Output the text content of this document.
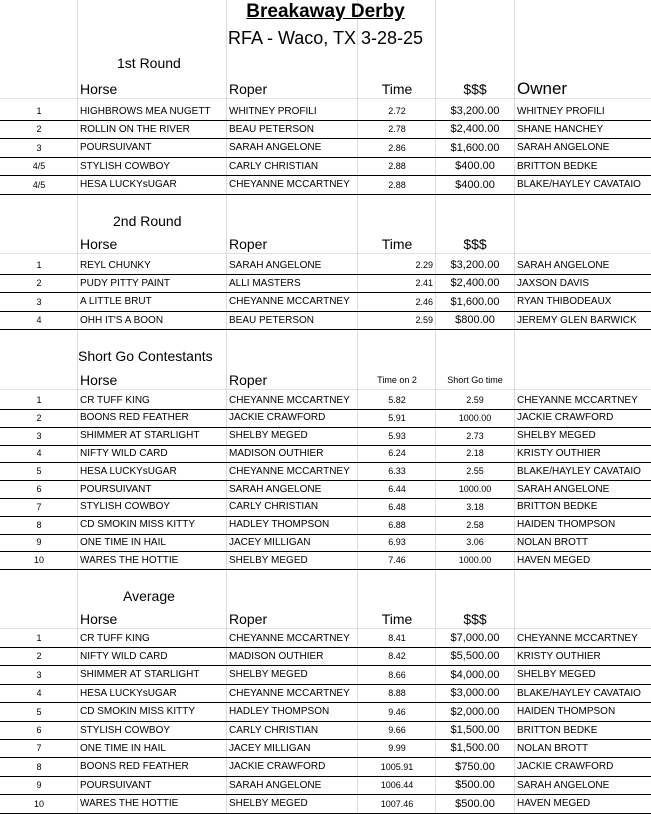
Breakaway Derby
RFA - Waco, TX 3-28-25
1st Round
Horse	Roper	Time	$$$	Owner
1	HIGHBROWS MEA NUGETT	WHITNEY PROFILI	2.72	$3,200.00	WHITNEY PROFILI
2	ROLLIN ON THE RIVER	BEAU PETERSON	2.78	$2,400.00	SHANE HANCHEY
3	POURSUIVANT	SARAH ANGELONE	2.86	$1,600.00	SARAH ANGELONE
4/5	STYLISH COWBOY	CARLY CHRISTIAN	2.88	$400.00	BRITTON BEDKE
4/5	HESA LUCKYsUGAR	CHEYANNE MCCARTNEY	2.88	$400.00	BLAKE/HAYLEY CAVATAIO
2nd Round
Horse	Roper	Time	$$$
1	REYL CHUNKY	SARAH ANGELONE	2.29	$3,200.00	SARAH ANGELONE
2	PUDY PITTY PAINT	ALLI MASTERS	2.41	$2,400.00	JAXSON DAVIS
3	A LITTLE BRUT	CHEYANNE MCCARTNEY	2.46	$1,600.00	RYAN THIBODEAUX
4	OHH IT'S A BOON	BEAU PETERSON	2.59	$800.00	JEREMY GLEN BARWICK
Short Go Contestants
Horse	Roper	Time on 2	Short Go time
1	CR TUFF KING	CHEYANNE MCCARTNEY	5.82	2.59	CHEYANNE MCCARTNEY
2	BOONS RED FEATHER	JACKIE CRAWFORD	5.91	1000.00	JACKIE CRAWFORD
3	SHIMMER AT STARLIGHT	SHELBY MEGED	5.93	2.73	SHELBY MEGED
4	NIFTY WILD CARD	MADISON OUTHIER	6.24	2.18	KRISTY OUTHIER
5	HESA LUCKYsUGAR	CHEYANNE MCCARTNEY	6.33	2.55	BLAKE/HAYLEY CAVATAIO
6	POURSUIVANT	SARAH ANGELONE	6.44	1000.00	SARAH ANGELONE
7	STYLISH COWBOY	CARLY CHRISTIAN	6.48	3.18	BRITTON BEDKE
8	CD SMOKIN MISS KITTY	HADLEY THOMPSON	6.88	2.58	HAIDEN THOMPSON
9	ONE TIME IN HAIL	JACEY MILLIGAN	6.93	3.06	NOLAN BROTT
10	WARES THE HOTTIE	SHELBY MEGED	7.46	1000.00	HAVEN MEGED
Average
Horse	Roper	Time	$$$
1	CR TUFF KING	CHEYANNE MCCARTNEY	8.41	$7,000.00	CHEYANNE MCCARTNEY
2	NIFTY WILD CARD	MADISON OUTHIER	8.42	$5,500.00	KRISTY OUTHIER
3	SHIMMER AT STARLIGHT	SHELBY MEGED	8.66	$4,000.00	SHELBY MEGED
4	HESA LUCKYsUGAR	CHEYANNE MCCARTNEY	8.88	$3,000.00	BLAKE/HAYLEY CAVATAIO
5	CD SMOKIN MISS KITTY	HADLEY THOMPSON	9.46	$2,000.00	HAIDEN THOMPSON
6	STYLISH COWBOY	CARLY CHRISTIAN	9.66	$1,500.00	BRITTON BEDKE
7	ONE TIME IN HAIL	JACEY MILLIGAN	9.99	$1,500.00	NOLAN BROTT
8	BOONS RED FEATHER	JACKIE CRAWFORD	1005.91	$750.00	JACKIE CRAWFORD
9	POURSUIVANT	SARAH ANGELONE	1006.44	$500.00	SARAH ANGELONE
10	WARES THE HOTTIE	SHELBY MEGED	1007.46	$500.00	HAVEN MEGED
